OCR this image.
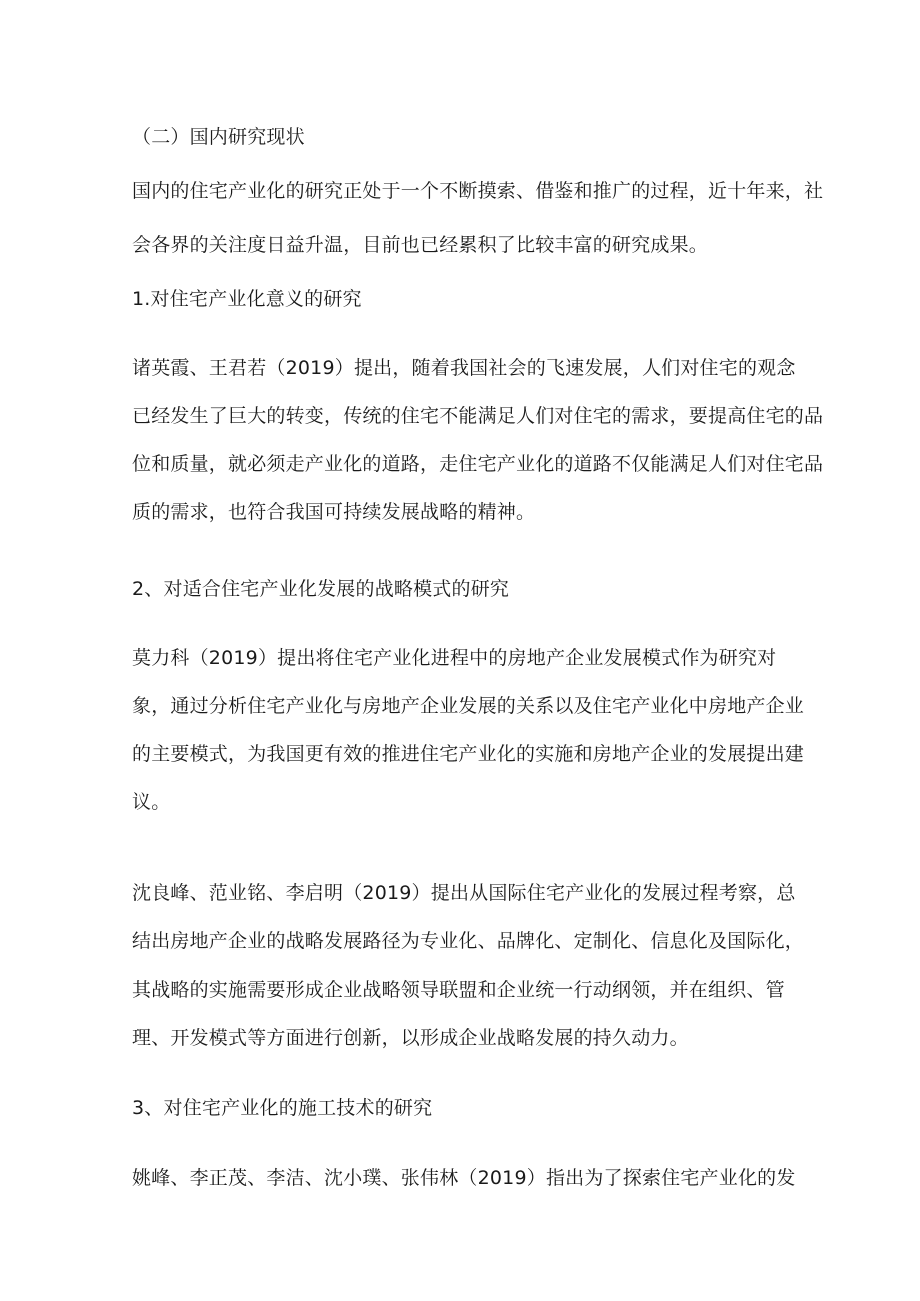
（二）国内研究现状
国内的住宅产业化的研究正处于一个不断摸索、借鉴和推广的过程，近十年来，社
会各界的关注度日益升温，目前也已经累积了比较丰富的研究成果。
1.对住宅产业化意义的研究
诸英霞、王君若（2019）提出，随着我国社会的飞速发展，人们对住宅的观念
已经发生了巨大的转变，传统的住宅不能满足人们对住宅的需求，要提高住宅的品
位和质量，就必须走产业化的道路，走住宅产业化的道路不仅能满足人们对住宅品
质的需求，也符合我国可持续发展战略的精神。
2、对适合住宅产业化发展的战略模式的研究
莫力科（2019）提出将住宅产业化进程中的房地产企业发展模式作为研究对
象，通过分析住宅产业化与房地产企业发展的关系以及住宅产业化中房地产企业
的主要模式，为我国更有效的推进住宅产业化的实施和房地产企业的发展提出建
议。
沈良峰、范业铭、李启明（2019）提出从国际住宅产业化的发展过程考察，总
结出房地产企业的战略发展路径为专业化、品牌化、定制化、信息化及国际化，
其战略的实施需要形成企业战略领导联盟和企业统一行动纲领，并在组织、管
理、开发模式等方面进行创新，以形成企业战略发展的持久动力。
3、对住宅产业化的施工技术的研究
姚峰、李正茂、李洁、沈小璞、张伟林（2019）指出为了探索住宅产业化的发
